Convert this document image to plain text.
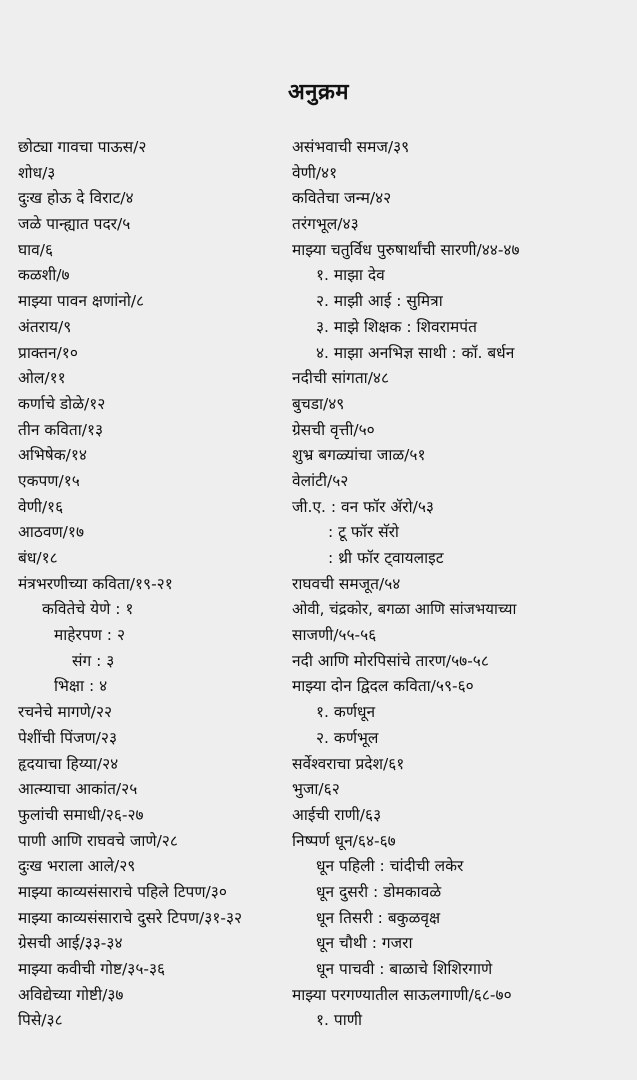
अनुक्रम
छोट्या गावचा पाऊस/२
शोध/३
दुःख होऊ दे विराट/४
जळे पान्ह्यात पदर/५
घाव/६
कळशी/७
माझ्या पावन क्षणांनो/८
अंतराय/९
प्राक्तन/१०
ओल/११
कर्णाचे डोळे/१२
तीन कविता/१३
अभिषेक/१४
एकपण/१५
वेणी/१६
आठवण/१७
बंध/१८
मंत्रभरणीच्या कविता/१९-२१
कवितेचे येणे : १
माहेरपण : २
संग : ३
भिक्षा : ४
रचनेचे मागणे/२२
पेशींची पिंजण/२३
हृदयाचा हिय्या/२४
आत्म्याचा आकांत/२५
फुलांची समाधी/२६-२७
पाणी आणि राघवचे जाणे/२८
दुःख भराला आले/२९
माझ्या काव्यसंसाराचे पहिले टिपण/३०
माझ्या काव्यसंसाराचे दुसरे टिपण/३१-३२
ग्रेसची आई/३३-३४
माझ्या कवीची गोष्ट/३५-३६
अविद्येच्या गोष्टी/३७
पिसे/३८
असंभवाची समज/३९
वेणी/४१
कवितेचा जन्म/४२
तरंगभूल/४३
माझ्या चतुर्विध पुरुषार्थांची सारणी/४४-४७
१. माझा देव
२. माझी आई : सुमित्रा
३. माझे शिक्षक : शिवरामपंत
४. माझा अनभिज्ञ साथी : कॉ. बर्धन
नदीची सांगता/४८
बुचडा/४९
ग्रेसची वृत्ती/५०
शुभ्र बगळ्यांचा जाळ/५१
वेलांटी/५२
जी.ए. : वन फॉर ॲरो/५३
: टू फॉर सॅरो
: थ्री फॉर ट्वायलाइट
राघवची समजूत/५४
ओवी, चंद्रकोर, बगळा आणि सांजभयाच्या
साजणी/५५-५६
नदी आणि मोरपिसांचे तारण/५७-५८
माझ्या दोन द्विदल कविता/५९-६०
१. कर्णधून
२. कर्णभूल
सर्वेश्वराचा प्रदेश/६१
भुजा/६२
आईची राणी/६३
निष्पर्ण धून/६४-६७
धून पहिली : चांदीची लकेर
धून दुसरी : डोमकावळे
धून तिसरी : बकुळवृक्ष
धून चौथी : गजरा
धून पाचवी : बाळाचे शिशिरगाणे
माझ्या परगण्यातील साऊलगाणी/६८-७०
१. पाणी
